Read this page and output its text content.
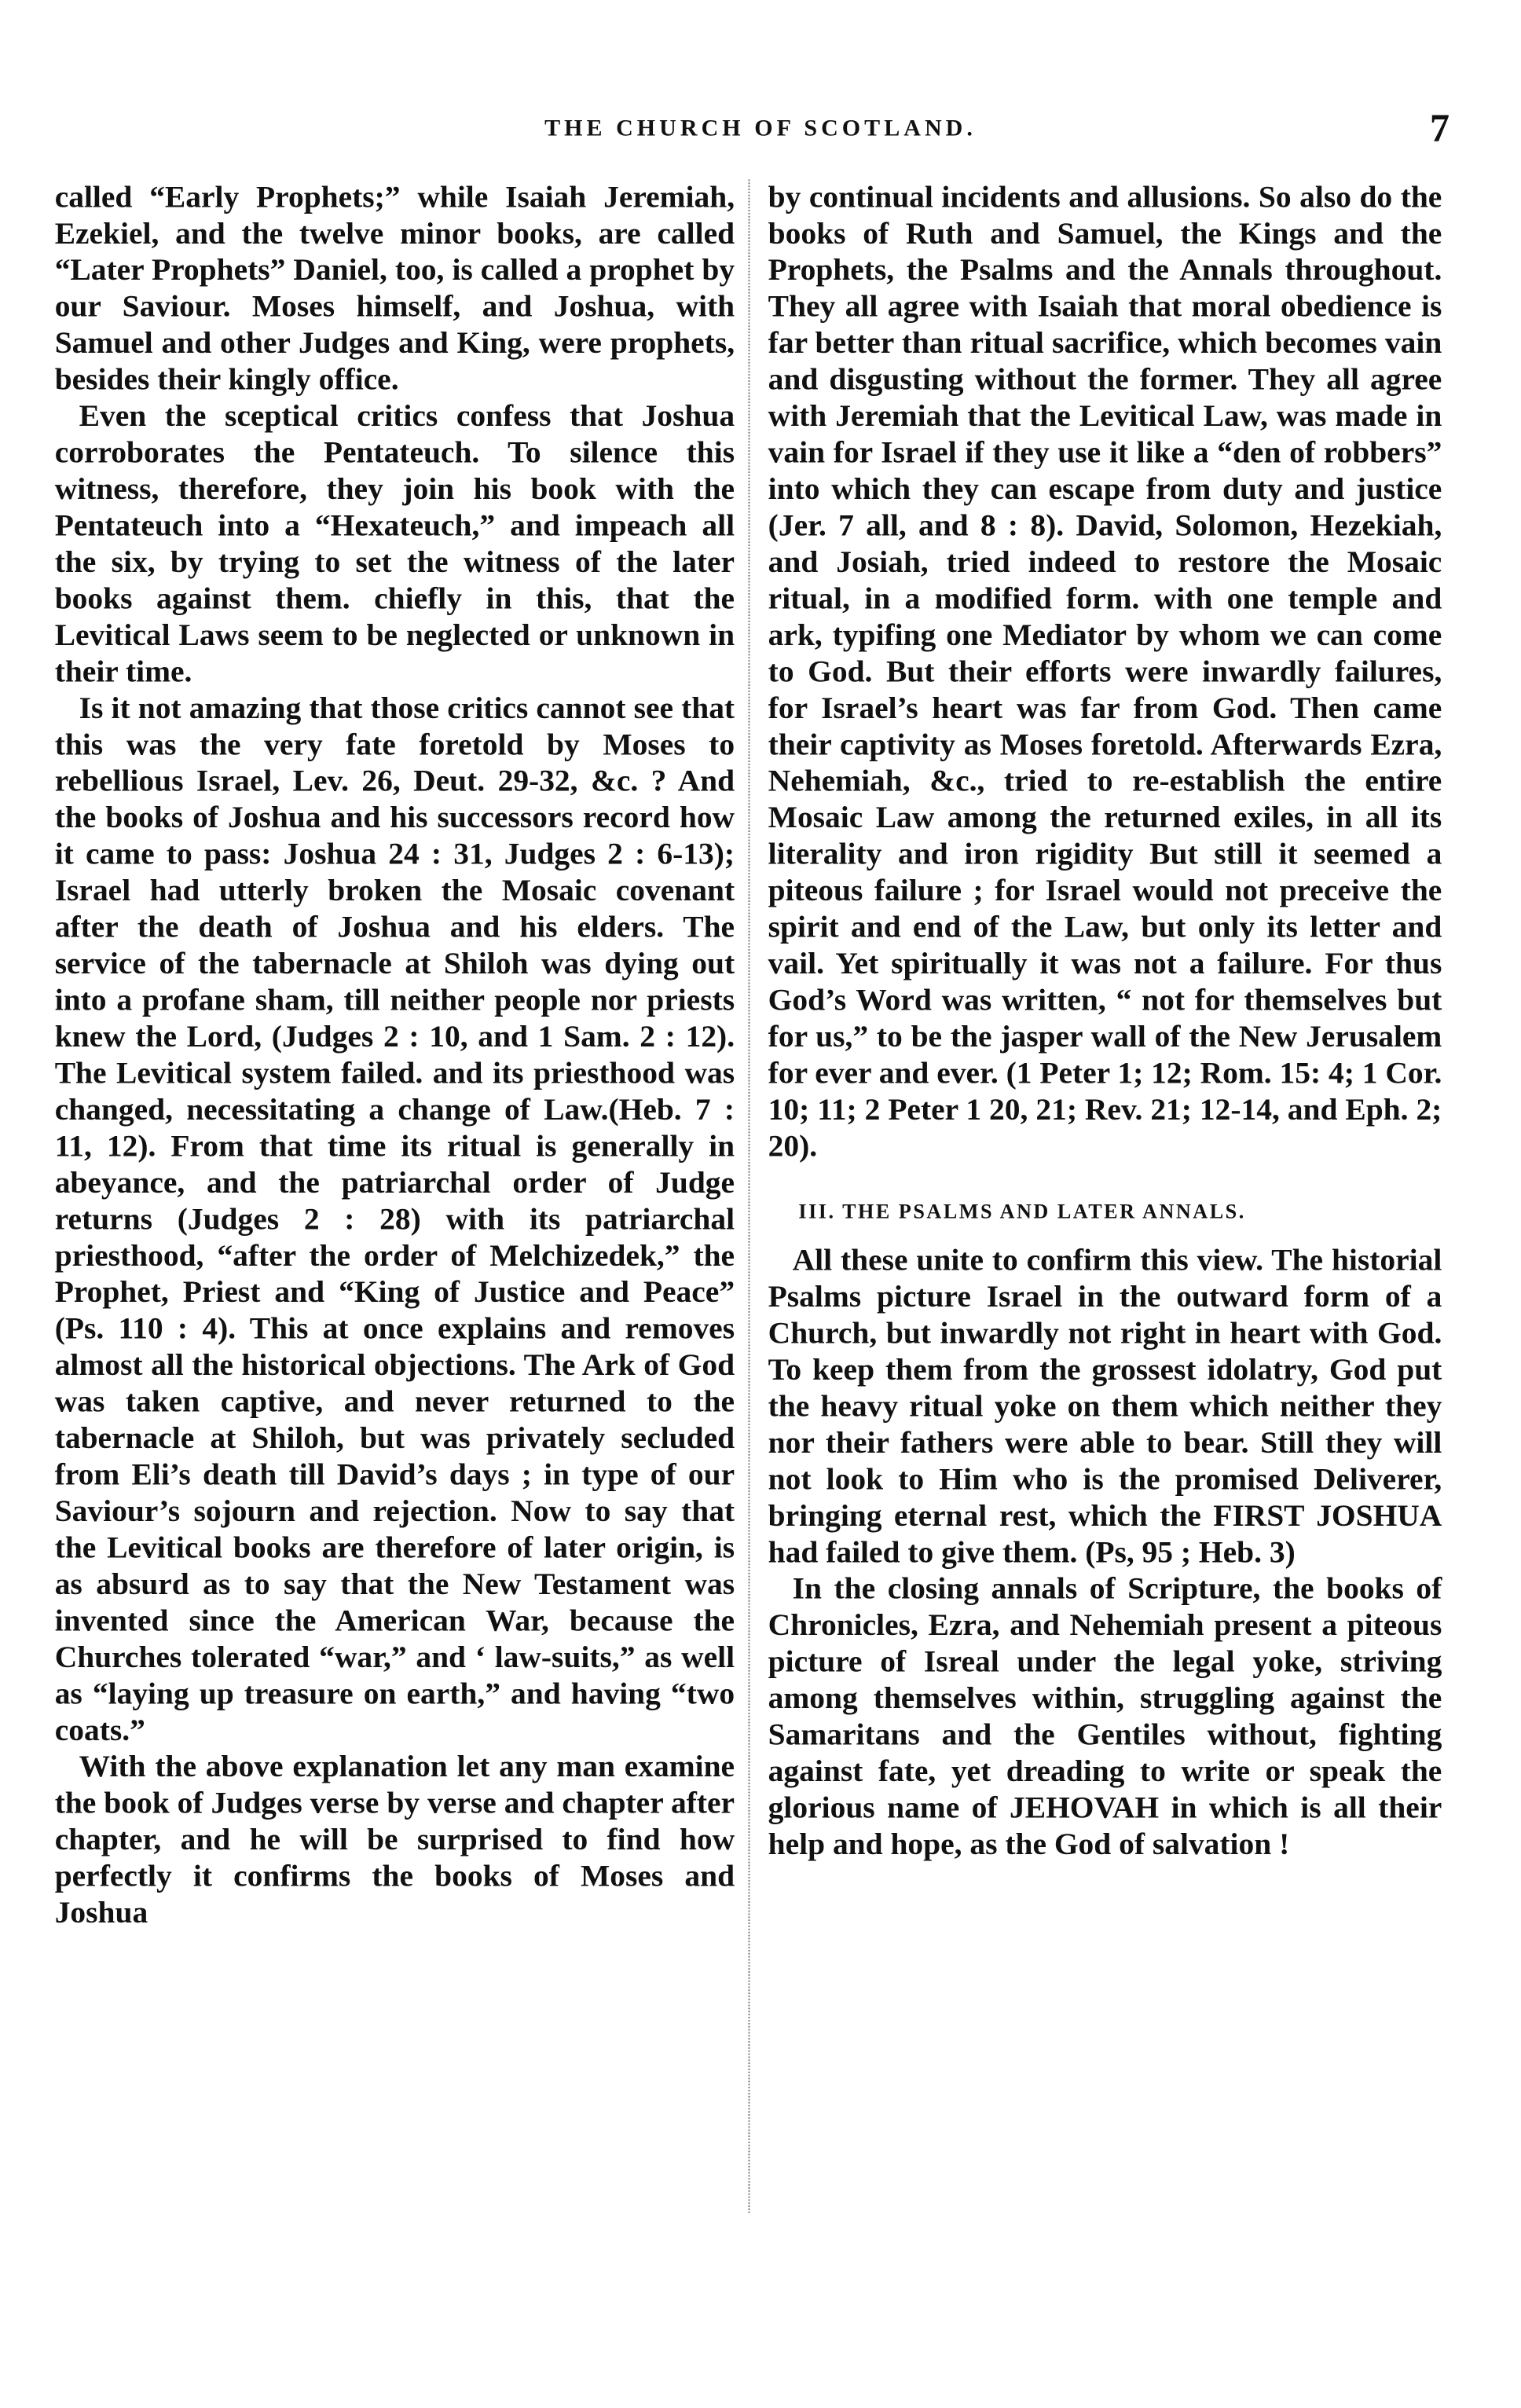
THE CHURCH OF SCOTLAND.	7

called “Early Prophets;” while Isaiah Jeremiah, Ezekiel, and the twelve minor books, are called “Later Prophets” Daniel, too, is called a prophet by our Saviour. Moses himself, and Joshua, with Samuel and other Judges and King, were prophets, besides their kingly office.

Even the sceptical critics confess that Joshua corroborates the Pentateuch. To silence this witness, therefore, they join his book with the Pentateuch into a “Hexateuch,” and impeach all the six, by trying to set the witness of the later books against them. chiefly in this, that the Levitical Laws seem to be neglected or unknown in their time.

Is it not amazing that those critics cannot see that this was the very fate foretold by Moses to rebellious Israel, Lev. 26, Deut. 29-32, &c. ? And the books of Joshua and his successors record how it came to pass: Joshua 24 : 31, Judges 2 : 6-13); Israel had utterly broken the Mosaic covenant after the death of Joshua and his elders. The service of the tabernacle at Shiloh was dying out into a profane sham, till neither people nor priests knew the Lord, (Judges 2 : 10, and 1 Sam. 2 : 12). The Levitical system failed. and its priesthood was changed, necessitating a change of Law.(Heb. 7 : 11, 12). From that time its ritual is generally in abeyance, and the patriarchal order of Judge returns (Judges 2 : 28) with its patriarchal priesthood, “after the order of Melchizedek,” the Prophet, Priest and “King of Justice and Peace” (Ps. 110 : 4). This at once explains and removes almost all the historical objections. The Ark of God was taken captive, and never returned to the tabernacle at Shiloh, but was privately secluded from Eli’s death till David’s days ; in type of our Saviour’s sojourn and rejection. Now to say that the Levitical books are therefore of later origin, is as absurd as to say that the New Testament was invented since the American War, because the Churches tolerated “war,” and ‘ law-suits,” as well as “laying up treasure on earth,” and having “two coats.”

With the above explanation let any man examine the book of Judges verse by verse and chapter after chapter, and he will be surprised to find how perfectly it confirms the books of Moses and Joshua

by continual incidents and allusions. So also do the books of Ruth and Samuel, the Kings and the Prophets, the Psalms and the Annals throughout. They all agree with Isaiah that moral obedience is far better than ritual sacrifice, which becomes vain and disgusting without the former. They all agree with Jeremiah that the Levitical Law, was made in vain for Israel if they use it like a “den of robbers” into which they can escape from duty and justice (Jer. 7 all, and 8 : 8). David, Solomon, Hezekiah, and Josiah, tried indeed to restore the Mosaic ritual, in a modified form. with one temple and ark, typifing one Mediator by whom we can come to God. But their efforts were inwardly failures, for Israel’s heart was far from God. Then came their captivity as Moses foretold. Afterwards Ezra, Nehemiah, &c., tried to re-establish the entire Mosaic Law among the returned exiles, in all its literality and iron rigidity But still it seemed a piteous failure ; for Israel would not preceive the spirit and end of the Law, but only its letter and vail. Yet spiritually it was not a failure. For thus God’s Word was written, “ not for themselves but for us,” to be the jasper wall of the New Jerusalem for ever and ever. (1 Peter 1; 12; Rom. 15: 4; 1 Cor. 10; 11; 2 Peter 1 20, 21; Rev. 21; 12-14, and Eph. 2; 20).

III. THE PSALMS AND LATER ANNALS.

All these unite to confirm this view. The historial Psalms picture Israel in the outward form of a Church, but inwardly not right in heart with God. To keep them from the grossest idolatry, God put the heavy ritual yoke on them which neither they nor their fathers were able to bear. Still they will not look to Him who is the promised Deliverer, bringing eternal rest, which the FIRST JOSHUA had failed to give them. (Ps, 95 ; Heb. 3)

In the closing annals of Scripture, the books of Chronicles, Ezra, and Nehemiah present a piteous picture of Isreal under the legal yoke, striving among themselves within, struggling against the Samaritans and the Gentiles without, fighting against fate, yet dreading to write or speak the glorious name of JEHOVAH in which is all their help and hope, as the God of salvation !
